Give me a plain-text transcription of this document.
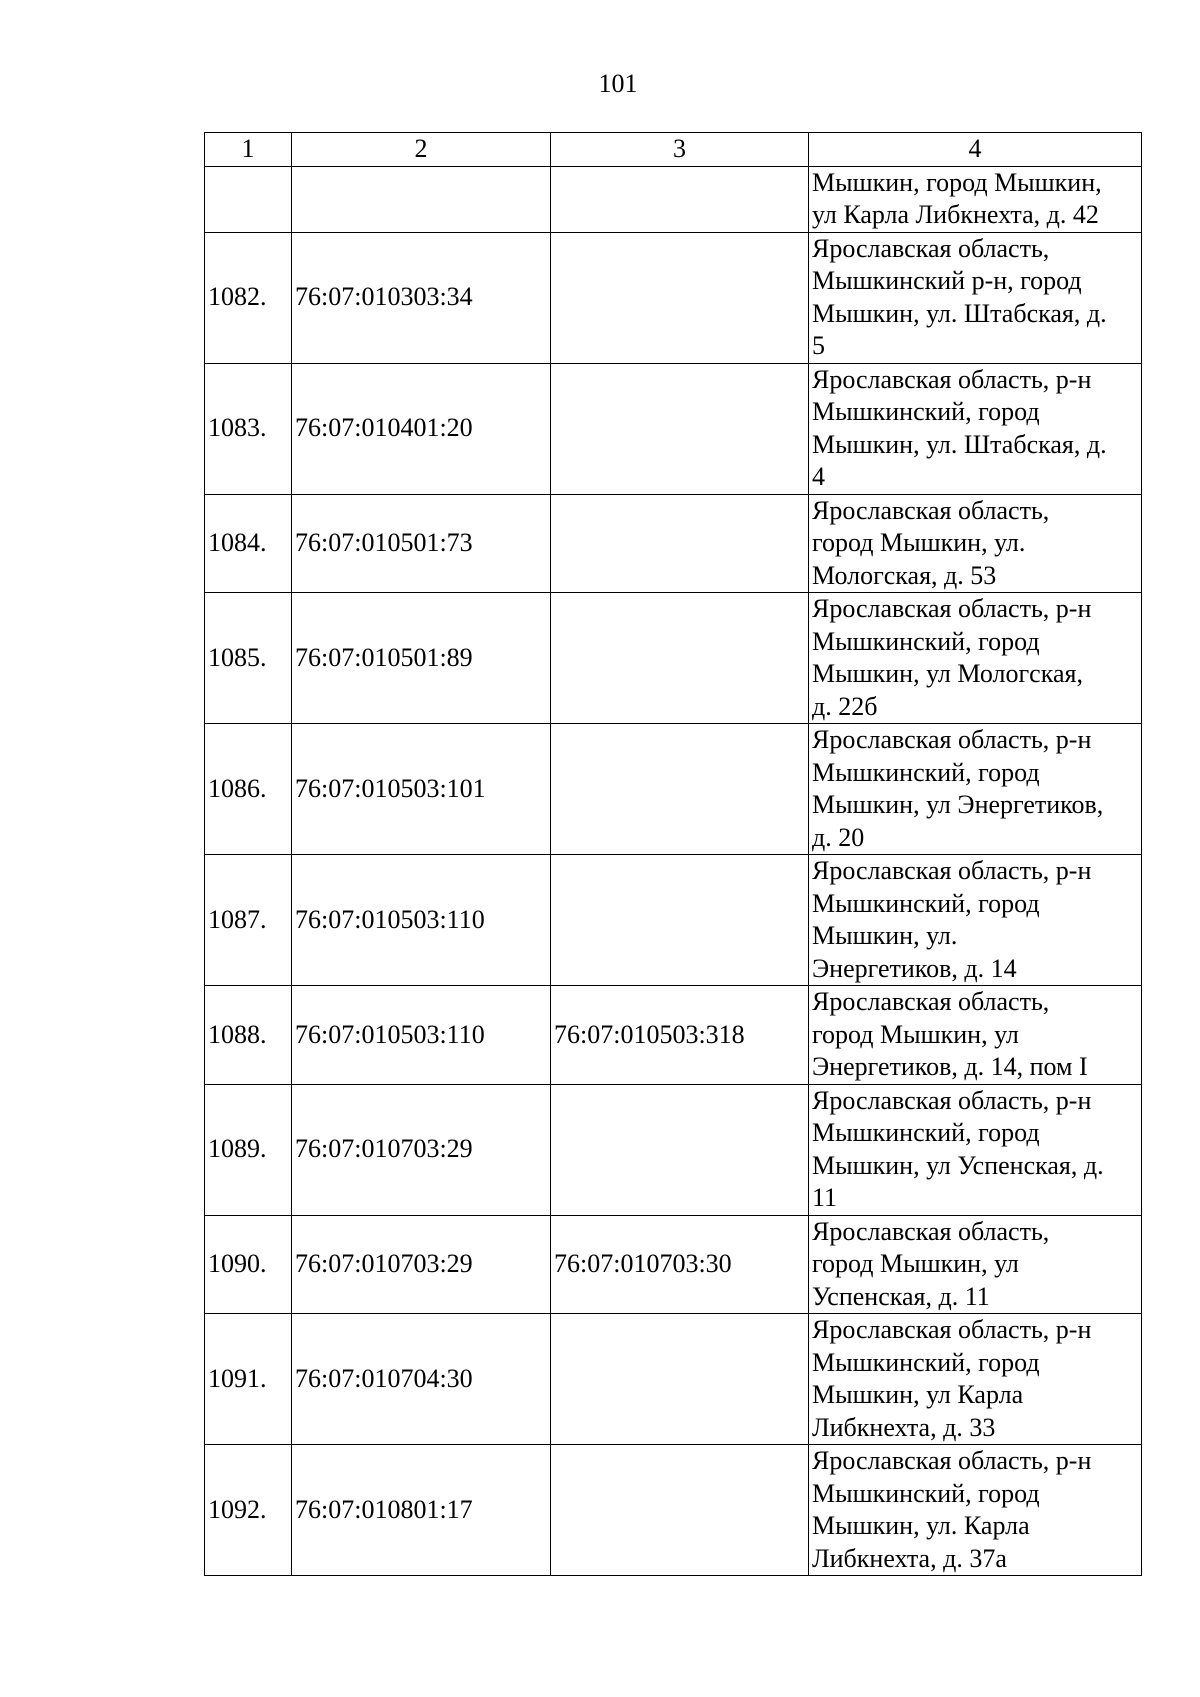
101
1	2	3	4

			Мышкин, город Мышкин,
ул Карла Либкнехта, д. 42

1082.	76:07:010303:34		Ярославская область,
Мышкинский р-н, город
Мышкин, ул. Штабская, д.
5

1083.	76:07:010401:20		Ярославская область, р-н
Мышкинский, город
Мышкин, ул. Штабская, д.
4

1084.	76:07:010501:73		Ярославская область,
город Мышкин, ул.
Мологская, д. 53

1085.	76:07:010501:89		Ярославская область, р-н
Мышкинский, город
Мышкин, ул Мологская,
д. 22б

1086.	76:07:010503:101		Ярославская область, р-н
Мышкинский, город
Мышкин, ул Энергетиков,
д. 20

1087.	76:07:010503:110		Ярославская область, р-н
Мышкинский, город
Мышкин, ул.
Энергетиков, д. 14

1088.	76:07:010503:110	76:07:010503:318	Ярославская область,
город Мышкин, ул
Энергетиков, д. 14, пом I

1089.	76:07:010703:29		Ярославская область, р-н
Мышкинский, город
Мышкин, ул Успенская, д.
11

1090.	76:07:010703:29	76:07:010703:30	Ярославская область,
город Мышкин, ул
Успенская, д. 11

1091.	76:07:010704:30		Ярославская область, р-н
Мышкинский, город
Мышкин, ул Карла
Либкнехта, д. 33

1092.	76:07:010801:17		Ярославская область, р-н
Мышкинский, город
Мышкин, ул. Карла
Либкнехта, д. 37а
